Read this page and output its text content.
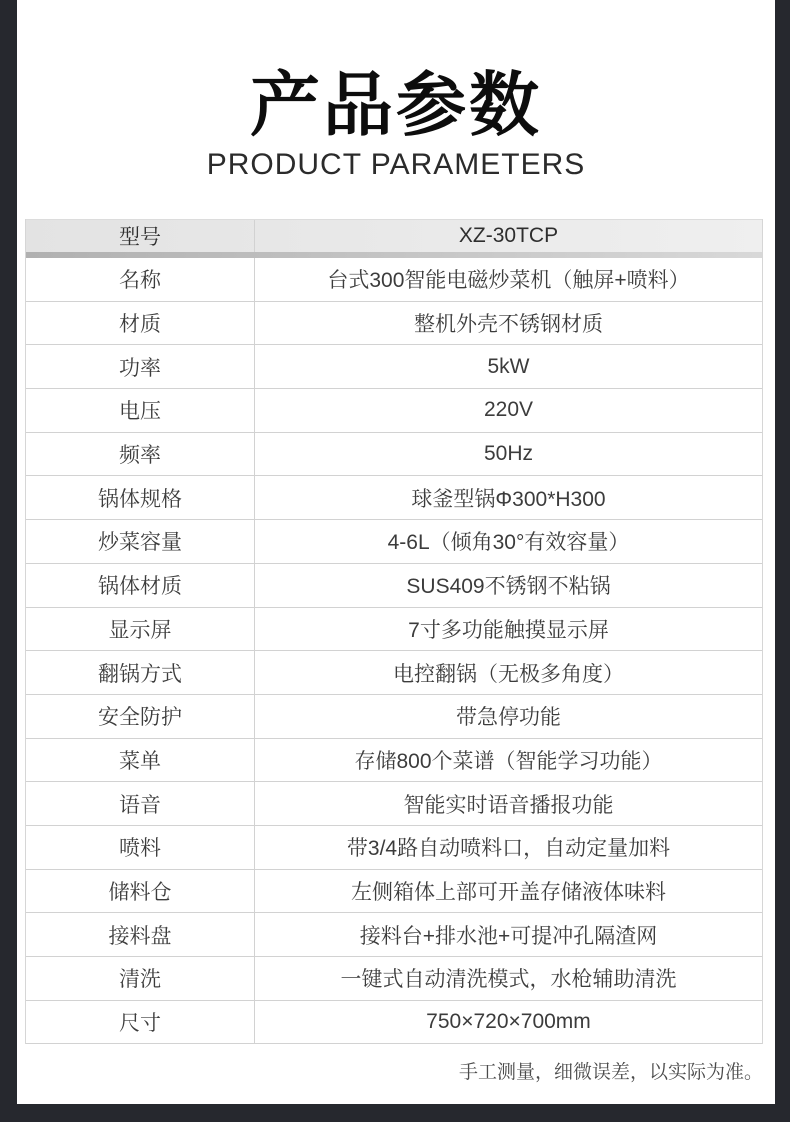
产品参数
PRODUCT PARAMETERS
型号	XZ-30TCP
名称	台式300智能电磁炒菜机（触屏+喷料）
材质	整机外壳不锈钢材质
功率	5kW
电压	220V
频率	50Hz
锅体规格	球釜型锅Φ300*H300
炒菜容量	4-6L（倾角30°有效容量）
锅体材质	SUS409不锈钢不粘锅
显示屏	7寸多功能触摸显示屏
翻锅方式	电控翻锅（无极多角度）
安全防护	带急停功能
菜单	存储800个菜谱（智能学习功能）
语音	智能实时语音播报功能
喷料	带3/4路自动喷料口，自动定量加料
储料仓	左侧箱体上部可开盖存储液体味料
接料盘	接料台+排水池+可提冲孔隔渣网
清洗	一键式自动清洗模式，水枪辅助清洗
尺寸	750×720×700mm
手工测量，细微误差，以实际为准。
